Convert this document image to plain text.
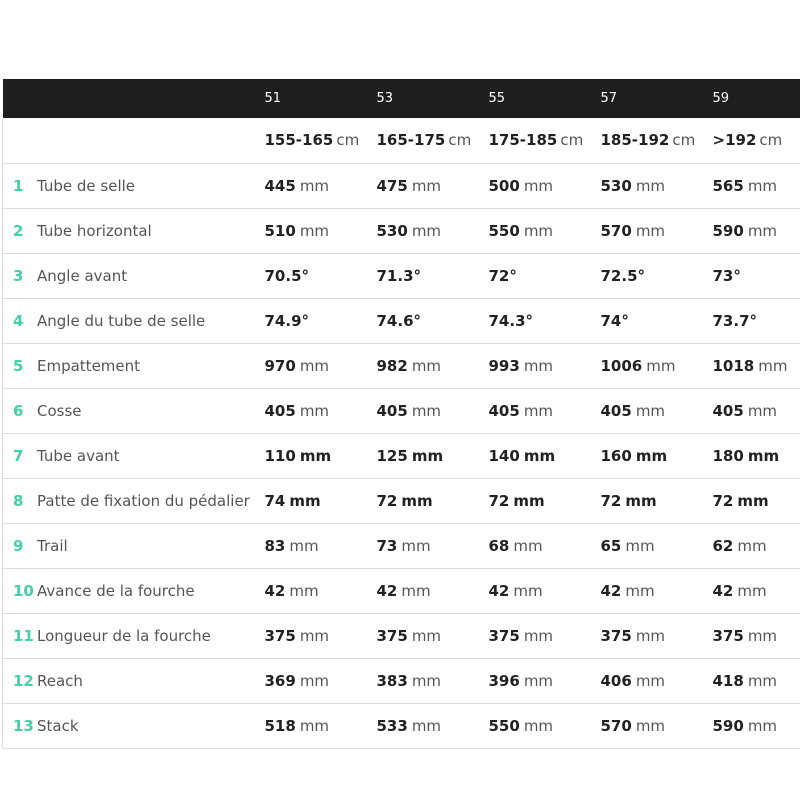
	51	53	55	57	59
	155-165 cm	165-175 cm	175-185 cm	185-192 cm	>192 cm
1 Tube de selle	445 mm	475 mm	500 mm	530 mm	565 mm
2 Tube horizontal	510 mm	530 mm	550 mm	570 mm	590 mm
3 Angle avant	70.5°	71.3°	72°	72.5°	73°
4 Angle du tube de selle	74.9°	74.6°	74.3°	74°	73.7°
5 Empattement	970 mm	982 mm	993 mm	1006 mm	1018 mm
6 Cosse	405 mm	405 mm	405 mm	405 mm	405 mm
7 Tube avant	110 mm	125 mm	140 mm	160 mm	180 mm
8 Patte de fixation du pédalier	74 mm	72 mm	72 mm	72 mm	72 mm
9 Trail	83 mm	73 mm	68 mm	65 mm	62 mm
10 Avance de la fourche	42 mm	42 mm	42 mm	42 mm	42 mm
11 Longueur de la fourche	375 mm	375 mm	375 mm	375 mm	375 mm
12 Reach	369 mm	383 mm	396 mm	406 mm	418 mm
13 Stack	518 mm	533 mm	550 mm	570 mm	590 mm
